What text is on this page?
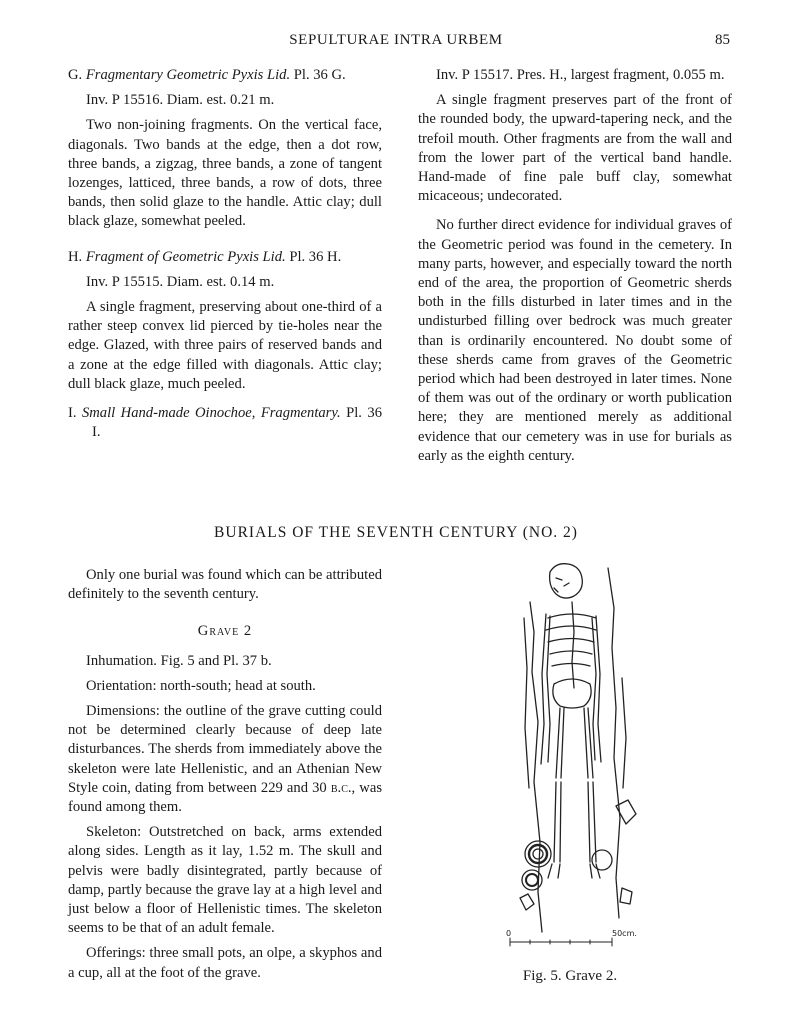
SEPULTURAE INTRA URBEM	85

G. Fragmentary Geometric Pyxis Lid. Pl. 36 G.

Inv. P 15516. Diam. est. 0.21 m.

Two non-joining fragments. On the vertical face, diagonals. Two bands at the edge, then a dot row, three bands, a zigzag, three bands, a zone of tangent lozenges, latticed, three bands, a row of dots, three bands, then solid glaze to the handle. Attic clay; dull black glaze, somewhat peeled.

H. Fragment of Geometric Pyxis Lid. Pl. 36 H.

Inv. P 15515. Diam. est. 0.14 m.

A single fragment, preserving about one-third of a rather steep convex lid pierced by tie-holes near the edge. Glazed, with three pairs of reserved bands and a zone at the edge filled with diagonals. Attic clay; dull black glaze, much peeled.

I. Small Hand-made Oinochoe, Fragmentary. Pl. 36 I.

Inv. P 15517. Pres. H., largest fragment, 0.055 m.

A single fragment preserves part of the front of the rounded body, the upward-tapering neck, and the trefoil mouth. Other fragments are from the wall and from the lower part of the vertical band handle. Hand-made of fine pale buff clay, somewhat micaceous; undecorated.

No further direct evidence for individual graves of the Geometric period was found in the cemetery. In many parts, however, and especially toward the north end of the area, the proportion of Geometric sherds both in the fills disturbed in later times and in the undisturbed filling over bedrock was much greater than is ordinarily encountered. No doubt some of these sherds came from graves of the Geometric period which had been destroyed in later times. None of them was out of the ordinary or worth publication here; they are mentioned merely as additional evidence that our cemetery was in use for burials as early as the eighth century.

BURIALS OF THE SEVENTH CENTURY (NO. 2)

Only one burial was found which can be attributed definitely to the seventh century.

Grave 2

Inhumation. Fig. 5 and Pl. 37 b.

Orientation: north-south; head at south.

Dimensions: the outline of the grave cutting could not be determined clearly because of deep late disturbances. The sherds from immediately above the skeleton were late Hellenistic, and an Athenian New Style coin, dating from between 229 and 30 b.c., was found among them.

Skeleton: Outstretched on back, arms extended along sides. Length as it lay, 1.52 m. The skull and pelvis were badly disintegrated, partly because of damp, partly because the grave lay at a high level and just below a floor of Hellenistic times. The skeleton seems to be that of an adult female.

Offerings: three small pots, an olpe, a skyphos and a cup, all at the foot of the grave.

0	50cm.
Fig. 5. Grave 2.
